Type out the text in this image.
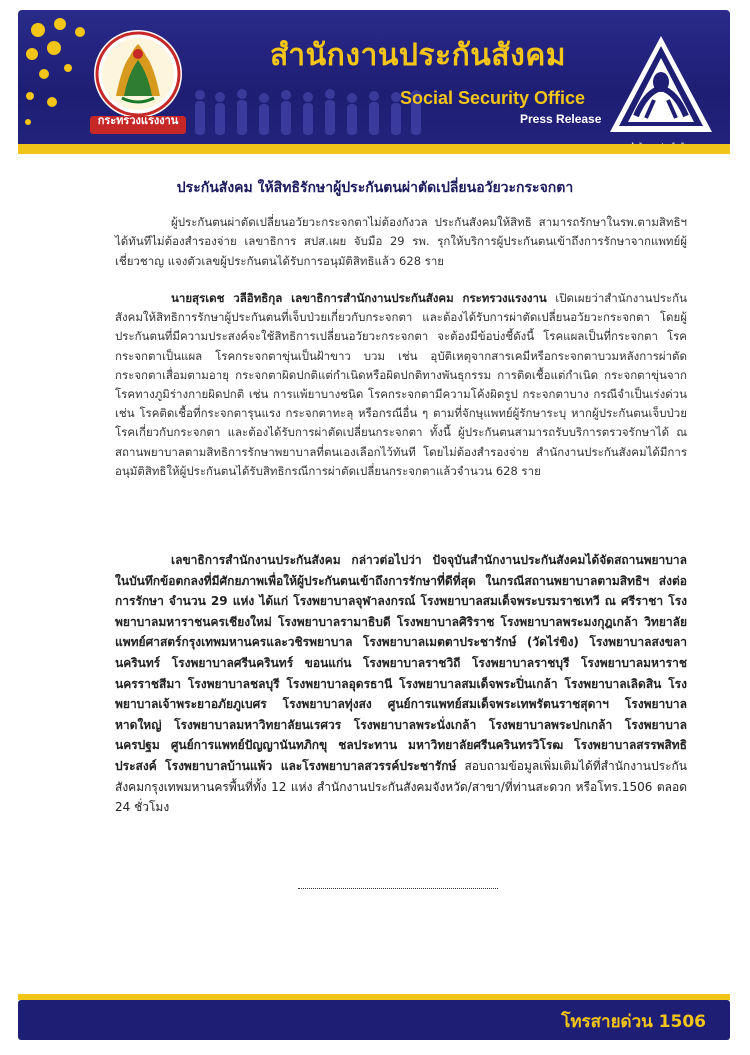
กระทรวงแรงงาน
สำนักงานประกันสังคม
Social Security Office
Press Release
ประกันสังคม ให้สิทธิรักษาผู้ประกันตนผ่าตัดเปลี่ยนอวัยวะกระจกตา
ผู้ประกันตนผ่าตัดเปลี่ยนอวัยวะกระจกตาไม่ต้องกังวล ประกันสังคมให้สิทธิ สามารถรักษาในรพ.ตามสิทธิฯ ได้ทันทีไม่ต้องสำรองจ่าย เลขาธิการ สปส.เผย จับมือ 29 รพ. รุกให้บริการผู้ประกันตนเข้าถึงการรักษาจากแพทย์ผู้เชี่ยวชาญ แจงตัวเลขผู้ประกันตนได้รับการอนุมัติสิทธิแล้ว 628 ราย
นายสุรเดช วลีอิทธิกุล เลขาธิการสำนักงานประกันสังคม กระทรวงแรงงาน เปิดเผยว่าสำนักงานประกันสังคมให้สิทธิการรักษาผู้ประกันตนที่เจ็บป่วยเกี่ยวกับกระจกตา และต้องได้รับการผ่าตัดเปลี่ยนอวัยวะกระจกตา โดยผู้ประกันตนที่มีความประสงค์จะใช้สิทธิการเปลี่ยนอวัยวะกระจกตา จะต้องมีข้อบ่งชี้ดังนี้ โรคแผลเป็นที่กระจกตา โรคกระจกตาเป็นแผล โรคกระจกตาขุ่นเป็นฝ้าขาว บวม เช่น อุบัติเหตุจากสารเคมีหรือกระจกตาบวมหลังการผ่าตัด กระจกตาเสื่อมตามอายุ กระจกตาผิดปกติแต่กำเนิดหรือผิดปกติทางพันธุกรรม การติดเชื้อแต่กำเนิด กระจกตาขุ่นจากโรคทางภูมิร่างกายผิดปกติ เช่น การแพ้ยาบางชนิด โรคกระจกตามีความโค้งผิดรูป กระจกตาบาง กรณีจำเป็นเร่งด่วน เช่น โรคติดเชื้อที่กระจกตารุนแรง กระจกตาทะลุ หรือกรณีอื่น ๆ ตามที่จักษุแพทย์ผู้รักษาระบุ หากผู้ประกันตนเจ็บป่วยโรคเกี่ยวกับกระจกตา และต้องได้รับการผ่าตัดเปลี่ยนกระจกตา ทั้งนี้ ผู้ประกันตนสามารถรับบริการตรวจรักษาได้ ณ สถานพยาบาลตามสิทธิการรักษาพยาบาลที่ตนเองเลือกไว้ทันที โดยไม่ต้องสำรองจ่าย สำนักงานประกันสังคมได้มีการอนุมัติสิทธิให้ผู้ประกันตนได้รับสิทธิกรณีการผ่าตัดเปลี่ยนกระจกตาแล้วจำนวน 628 ราย
เลขาธิการสำนักงานประกันสังคม กล่าวต่อไปว่า ปัจจุบันสำนักงานประกันสังคมได้จัดสถานพยาบาลในบันทึกข้อตกลงที่มีศักยภาพเพื่อให้ผู้ประกันตนเข้าถึงการรักษาที่ดีที่สุด ในกรณีสถานพยาบาลตามสิทธิฯ ส่งต่อการรักษา จำนวน 29 แห่ง ได้แก่ โรงพยาบาลจุฬาลงกรณ์ โรงพยาบาลสมเด็จพระบรมราชเทวี ณ ศรีราชา โรงพยาบาลมหาราชนครเชียงใหม่ โรงพยาบาลรามาธิบดี โรงพยาบาลศิริราช โรงพยาบาลพระมงกุฎเกล้า วิทยาลัยแพทย์ศาสตร์กรุงเทพมหานครและวชิรพยาบาล โรงพยาบาลเมตตาประชารักษ์ (วัดไร่ขิง) โรงพยาบาลสงขลานครินทร์ โรงพยาบาลศรีนครินทร์ ขอนแก่น โรงพยาบาลราชวิถี โรงพยาบาลราชบุรี โรงพยาบาลมหาราชนครราชสีมา โรงพยาบาลชลบุรี โรงพยาบาลอุดรธานี โรงพยาบาลสมเด็จพระปิ่นเกล้า โรงพยาบาลเลิดสิน โรงพยาบาลเจ้าพระยาอภัยภูเบศร โรงพยาบาลทุ่งสง ศูนย์การแพทย์สมเด็จพระเทพรัตนราชสุดาฯ โรงพยาบาลหาดใหญ่ โรงพยาบาลมหาวิทยาลัยนเรศวร โรงพยาบาลพระนั่งเกล้า โรงพยาบาลพระปกเกล้า โรงพยาบาลนครปฐม ศูนย์การแพทย์ปัญญานันทภิกขุ ชลประทาน มหาวิทยาลัยศรีนครินทรวิโรฒ โรงพยาบาลสรรพสิทธิประสงค์ โรงพยาบาลบ้านแพ้ว และโรงพยาบาลสวรรค์ประชารักษ์ สอบถามข้อมูลเพิ่มเติมได้ที่สำนักงานประกันสังคมกรุงเทพมหานครพื้นที่ทั้ง 12 แห่ง สำนักงานประกันสังคมจังหวัด/สาขา/ที่ท่านสะดวก หรือโทร.1506 ตลอด 24 ชั่วโมง
โทรสายด่วน 1506
